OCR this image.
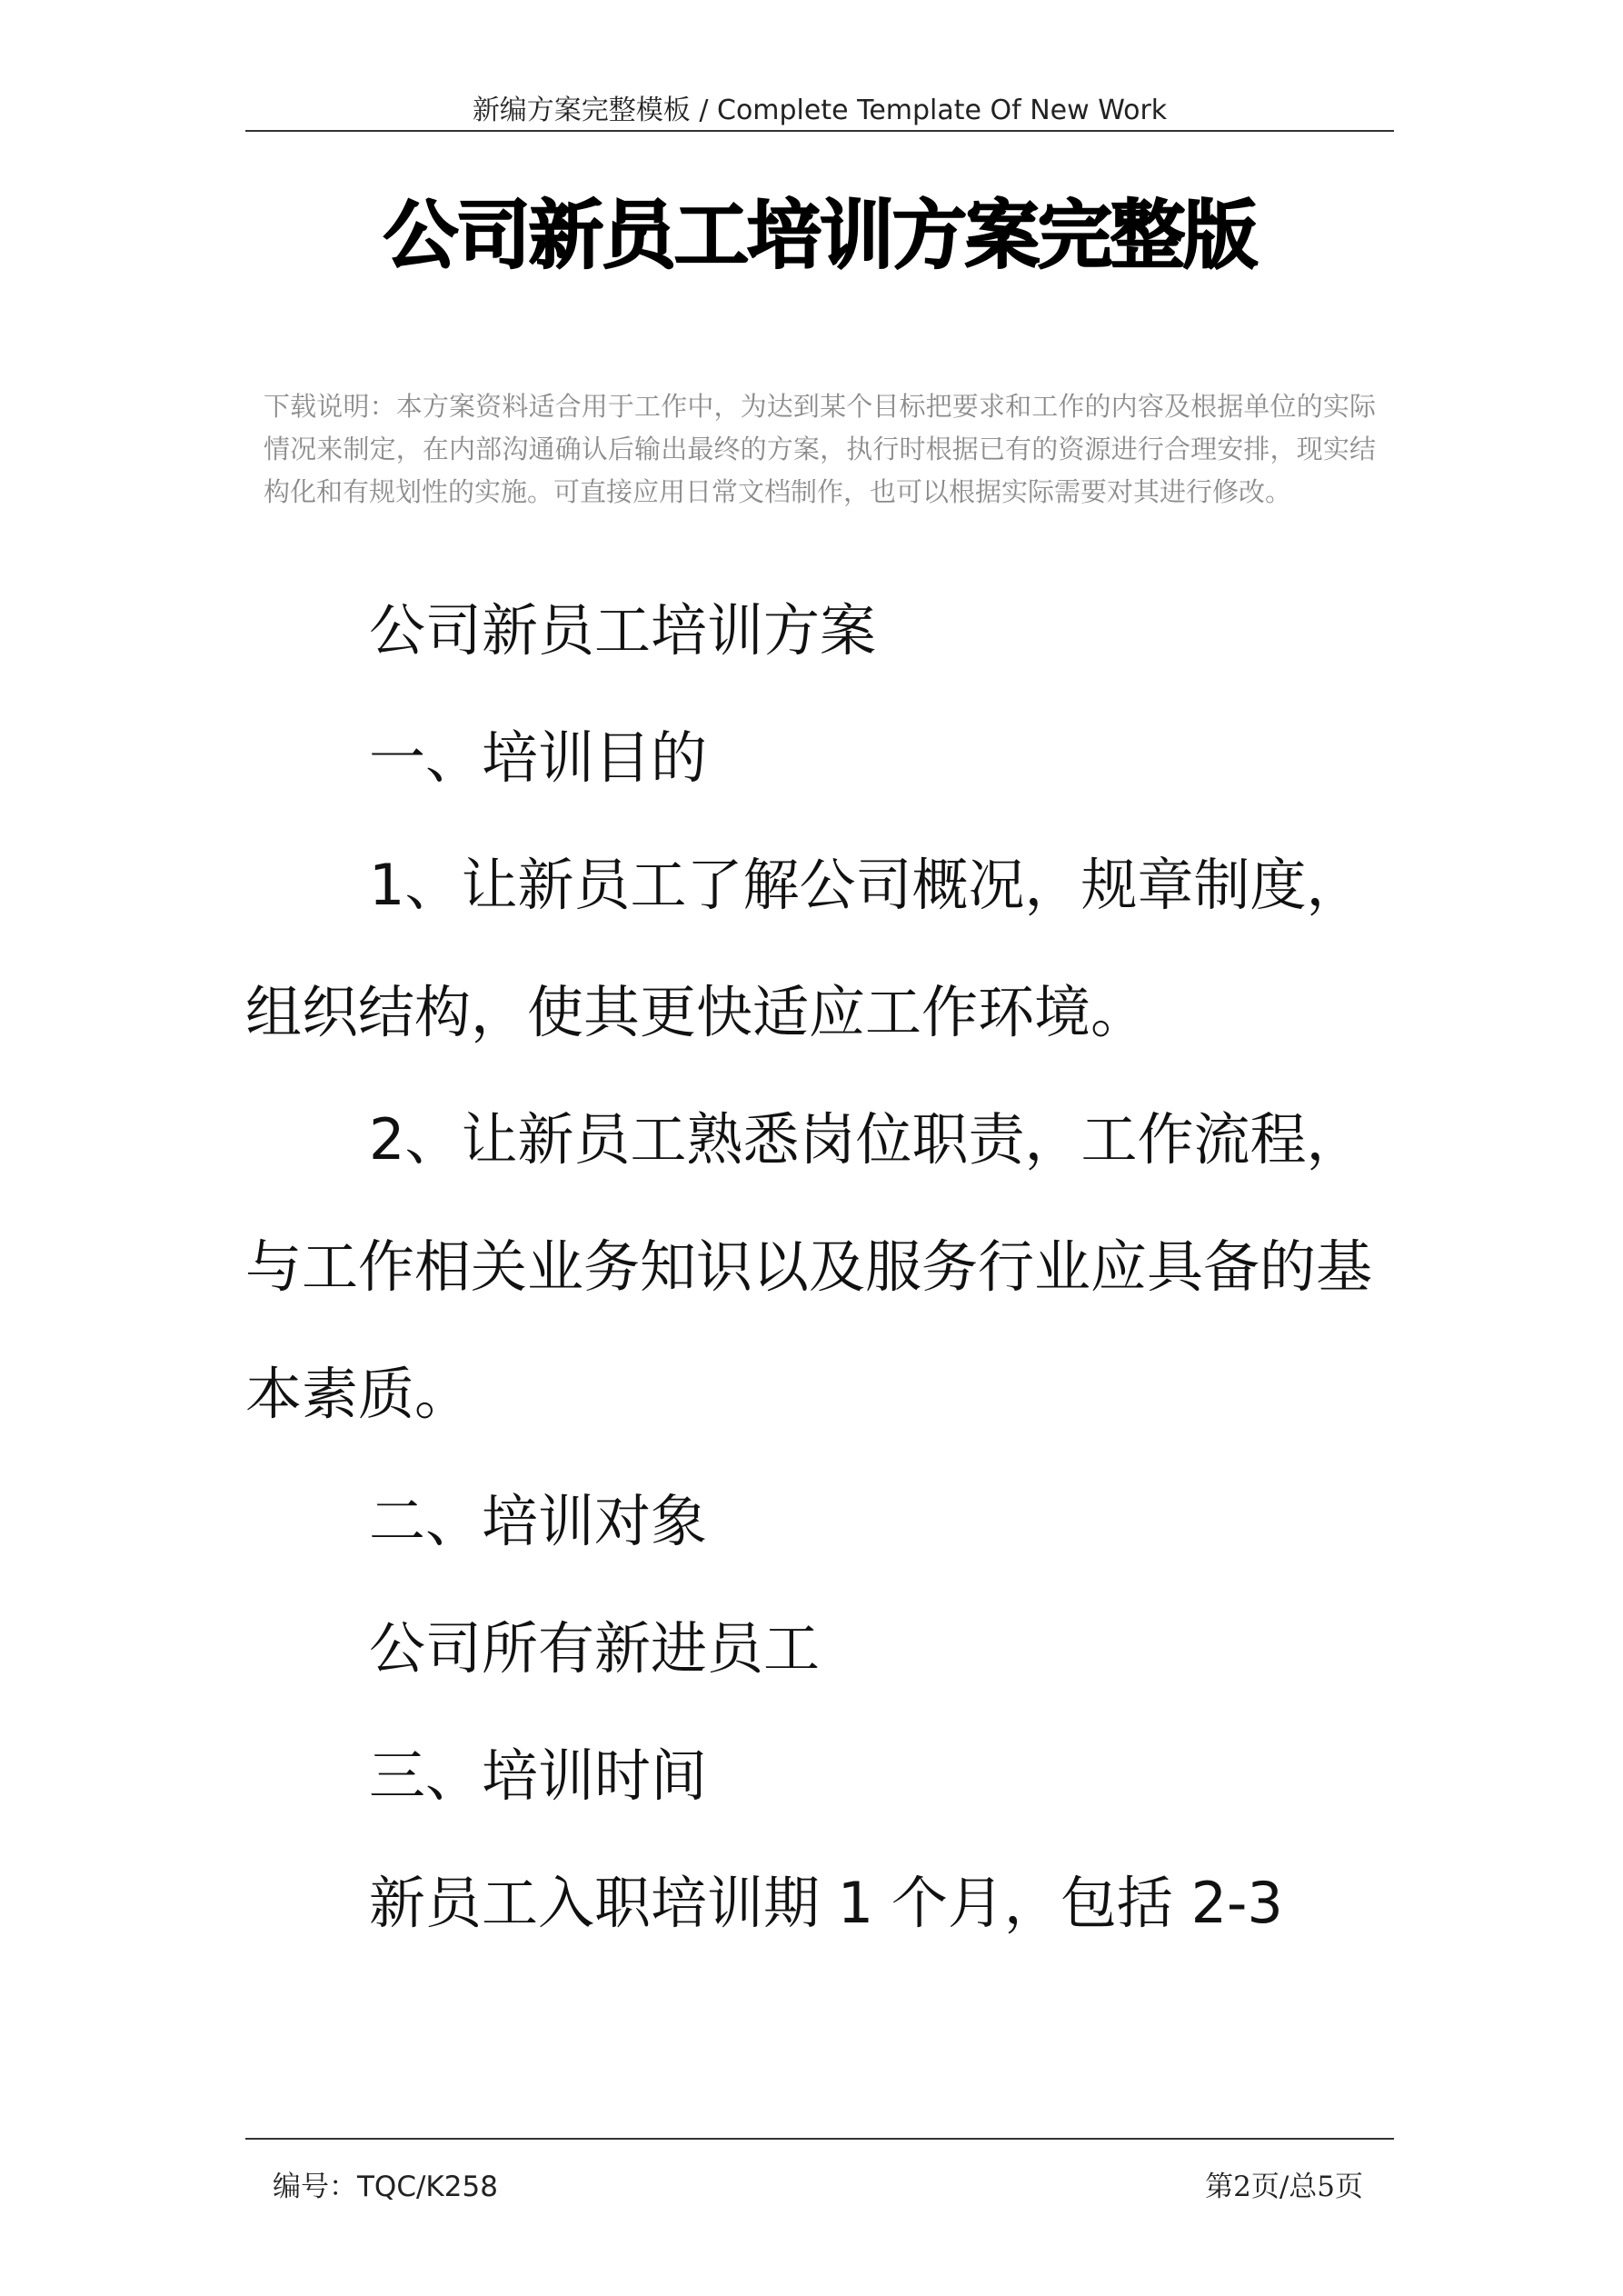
新编方案完整模板 / Complete Template Of New Work
公司新员工培训方案完整版
下载说明：本方案资料适合用于工作中，为达到某个目标把要求和工作的内容及根据单位的实际情况来制定，在内部沟通确认后输出最终的方案，执行时根据已有的资源进行合理安排，现实结构化和有规划性的实施。可直接应用日常文档制作，也可以根据实际需要对其进行修改。

公司新员工培训方案

一、培训目的

1、让新员工了解公司概况，规章制度，组织结构，使其更快适应工作环境。

2、让新员工熟悉岗位职责，工作流程，与工作相关业务知识以及服务行业应具备的基本素质。

二、培训对象

公司所有新进员工

三、培训时间

新员工入职培训期 1 个月，包括 2-3

编号：TQC/K258	第2页/总5页
